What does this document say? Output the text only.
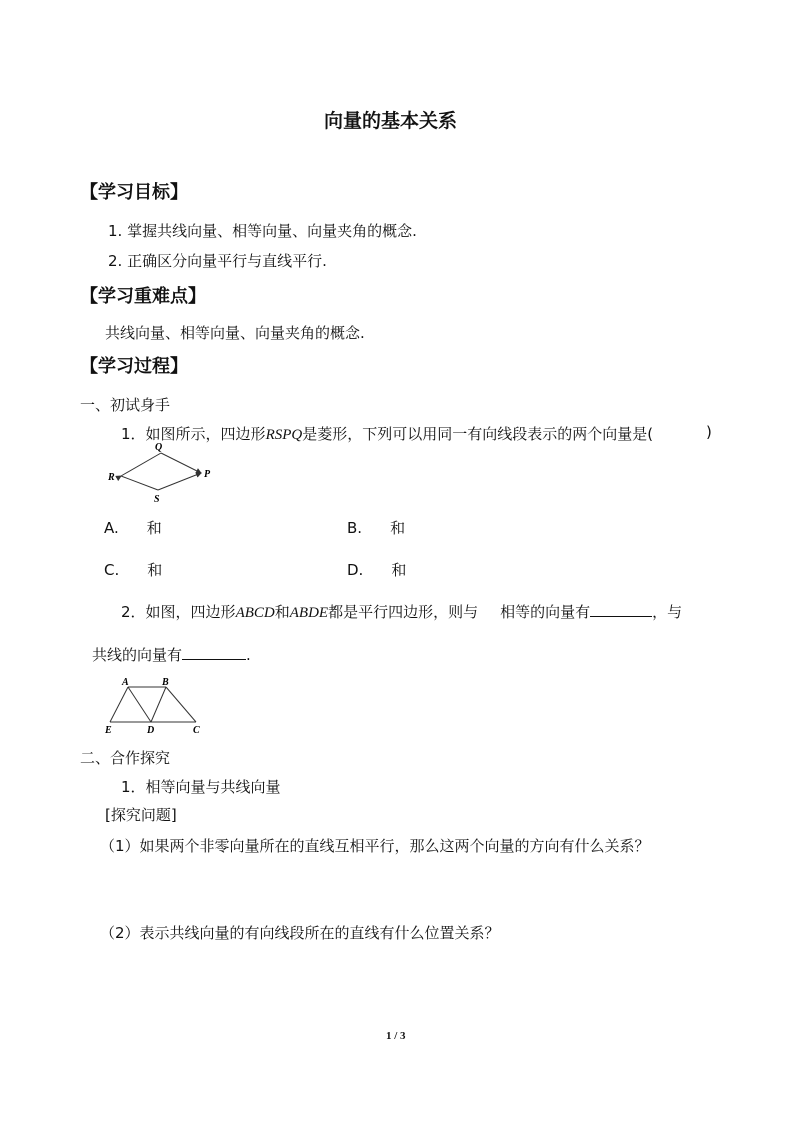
向量的基本关系
【学习目标】
1. 掌握共线向量、相等向量、向量夹角的概念.
2. 正确区分向量平行与直线平行.
【学习重难点】
共线向量、相等向量、向量夹角的概念.
【学习过程】
一、初试身手
1．如图所示，四边形RSPQ是菱形，下列可以用同一有向线段表示的两个向量是(	)
Q
R	P
S
A. 和	B. 和
C. 和	D. 和
2．如图，四边形ABCD和ABDE都是平行四边形，则与 相等的向量有	，与
共线的向量有	.
A	B
E	D	C
二、合作探究
1．相等向量与共线向量
[探究问题]
（1）如果两个非零向量所在的直线互相平行，那么这两个向量的方向有什么关系？
（2）表示共线向量的有向线段所在的直线有什么位置关系？
1 / 3
